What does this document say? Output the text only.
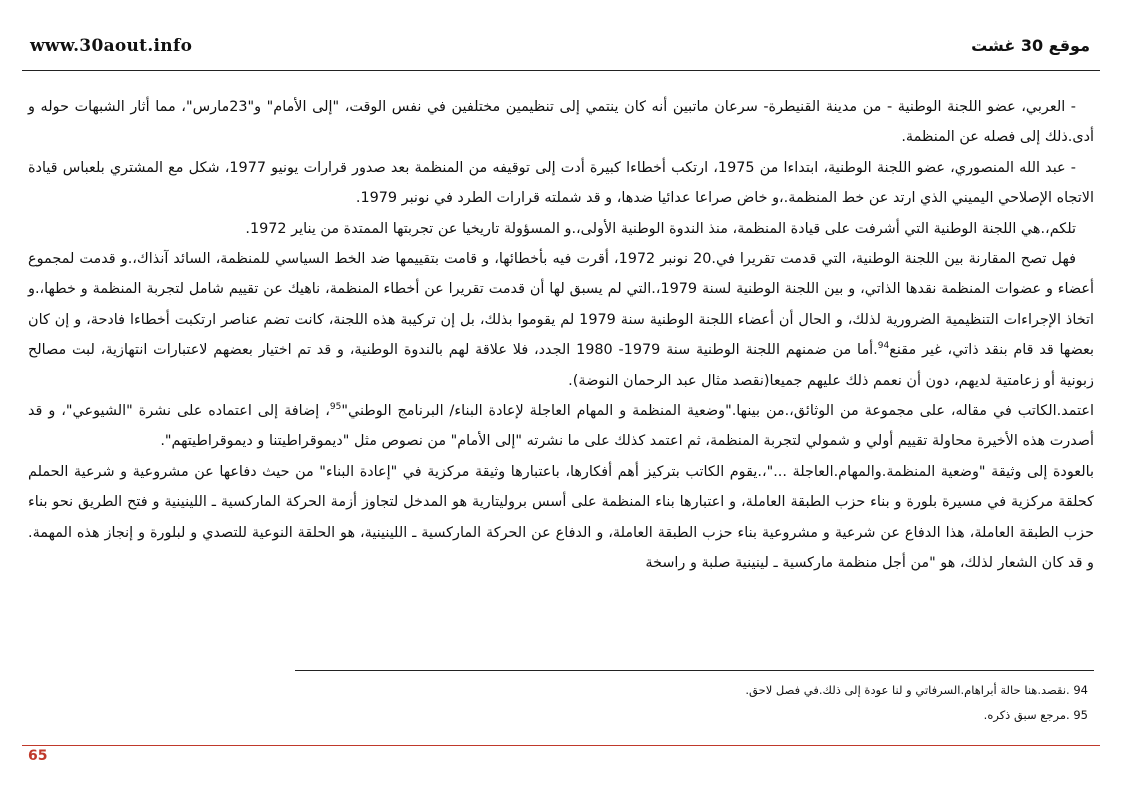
www.30aout.info	موقع 30 غشت

- العربي، عضو اللجنة الوطنية - من مدينة القنيطرة- سرعان ماتبين أنه كان ينتمي إلى تنظيمين مختلفين في نفس الوقت، "إلى الأمام" و"23مارس"، مما أثار الشبهات حوله و أدى.ذلك إلى فصله عن المنظمة.

- عبد الله المنصوري، عضو اللجنة الوطنية، ابتداءا من 1975، ارتكب أخطاءا كبيرة أدت إلى توقيفه من المنظمة بعد صدور قرارات يونيو 1977، شكل مع المشتري بلعباس قيادة الاتجاه الإصلاحي اليميني الذي ارتد عن خط المنظمة.،و خاض صراعا عدائيا ضدها، و قد شملته قرارات الطرد في نونبر 1979.

تلكم،.هي اللجنة الوطنية التي أشرفت على قيادة المنظمة، منذ الندوة الوطنية الأولى،.و المسؤولة تاريخيا عن تجربتها الممتدة من يناير 1972.

فهل تصح المقارنة بين اللجنة الوطنية، التي قدمت تقريرا في.20 نونبر 1972، أقرت فيه بأخطائها، و قامت بتقييمها ضد الخط السياسي للمنظمة، السائد آنذاك،.و قدمت لمجموع أعضاء و عضوات المنظمة نقدها الذاتي، و بين اللجنة الوطنية لسنة 1979،.التي لم يسبق لها أن قدمت تقريرا عن أخطاء المنظمة، ناهيك عن تقييم شامل لتجربة المنظمة و خطها،.و اتخاذ الإجراءات التنظيمية الضرورية لذلك، و الحال أن أعضاء اللجنة الوطنية سنة 1979 لم يقوموا بذلك، بل إن تركيبة هذه اللجنة، كانت تضم عناصر ارتكبت أخطاءا فادحة، و إن كان بعضها قد قام بنقد ذاتي، غير مقنع$^{94}$.أما من ضمنهم اللجنة الوطنية سنة 1979- 1980 الجدد، فلا علاقة لهم بالندوة الوطنية، و قد تم اختيار بعضهم لاعتبارات انتهازية، لبت مصالح زبونية أو زعامتية لديهم، دون أن نعمم ذلك عليهم جميعا(نقصد مثال عبد الرحمان النوضة).

اعتمد.الكاتب في مقاله، على مجموعة من الوثائق،.من بينها."وضعية المنظمة و المهام العاجلة لإعادة البناء/ البرنامج الوطني"$^{95}$، إضافة إلى اعتماده على نشرة "الشيوعي"، و قد أصدرت هذه الأخيرة محاولة تقييم أولي و شمولي لتجربة المنظمة، ثم اعتمد كذلك على ما نشرته "إلى الأمام" من نصوص مثل "ديموقراطيتنا و ديموقراطيتهم".

بالعودة إلى وثيقة "وضعية المنظمة.والمهام.العاجلة ..."،.يقوم الكاتب بتركيز أهم أفكارها، باعتبارها وثيقة مركزية في "إعادة البناء" من حيث دفاعها عن مشروعية و شرعية الحملم كحلقة مركزية في مسيرة بلورة و بناء حزب الطبقة العاملة، و اعتبارها بناء المنظمة على أسس بروليتارية هو المدخل لتجاوز أزمة الحركة الماركسية ـ اللينينية و فتح الطريق نحو بناء حزب الطبقة العاملة، هذا الدفاع عن شرعية و مشروعية بناء حزب الطبقة العاملة، و الدفاع عن الحركة الماركسية ـ اللينينية، هو الحلقة النوعية للتصدي و لبلورة و إنجاز هذه المهمة. و قد كان الشعار لذلك، هو "من أجل منظمة ماركسية ـ لينينية صلبة و راسخة

94 .نقصد.هنا حالة أبراهام.السرفاتي و لنا عودة إلى ذلك.في فصل لاحق.

95 .مرجع سبق ذكره.

65
